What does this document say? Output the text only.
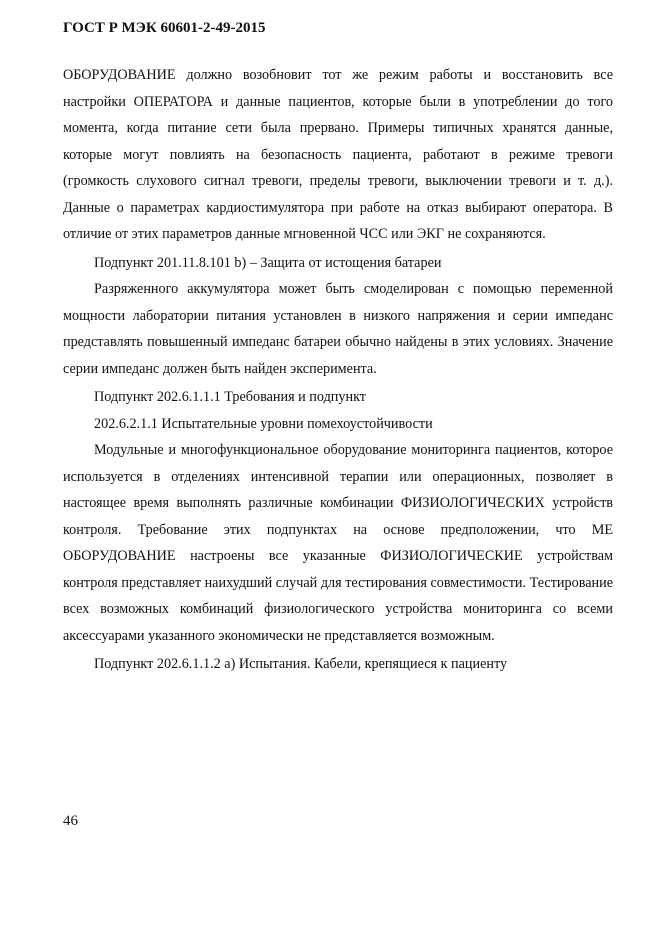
ГОСТ Р МЭК 60601-2-49-2015

ОБОРУДОВАНИЕ должно возобновит тот же режим работы и восстановить все настройки ОПЕРАТОРА и данные пациентов, которые были в употреблении до того момента, когда питание сети была прервано. Примеры типичных хранятся данные, которые могут повлиять на безопасность пациента, работают в режиме тревоги (громкость слухового сигнал тревоги, пределы тревоги, выключении тревоги и т. д.). Данные о параметрах кардиостимулятора при работе на отказ выбирают оператора. В отличие от этих параметров данные мгновенной ЧСС или ЭКГ не сохраняются.

Подпункт 201.11.8.101 b) – Защита от истощения батареи

Разряженного аккумулятора может быть смоделирован с помощью переменной мощности лаборатории питания установлен в низкого напряжения и серии импеданс представлять повышенный импеданс батареи обычно найдены в этих условиях. Значение серии импеданс должен быть найден эксперимента.

Подпункт 202.6.1.1.1 Требования и подпункт

202.6.2.1.1 Испытательные уровни помехоустойчивости

Модульные и многофункциональное оборудование мониторинга пациентов, которое используется в отделениях интенсивной терапии или операционных, позволяет в настоящее время выполнять различные комбинации ФИЗИОЛОГИЧЕСКИХ устройств контроля. Требование этих подпунктах на основе предположении, что МЕ ОБОРУДОВАНИЕ настроены все указанные ФИЗИОЛОГИЧЕСКИЕ устройствам контроля представляет наихудший случай для тестирования совместимости. Тестирование всех возможных комбинаций физиологического устройства мониторинга со всеми аксессуарами указанного экономически не представляется возможным.

Подпункт 202.6.1.1.2 а) Испытания. Кабели, крепящиеся к пациенту

46
